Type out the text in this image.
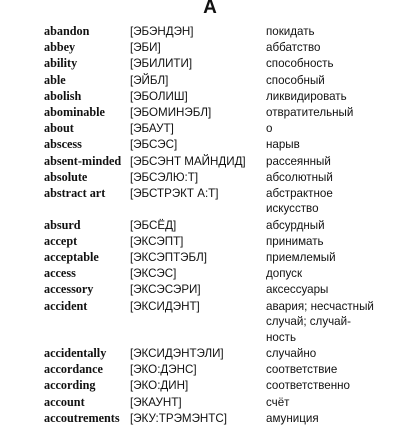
A
abandon	[ЭБЭНДЭН]	покидать
abbey	[ЭБИ]	аббатство
ability	[ЭБИЛИТИ]	способность
able	[ЭЙБЛ]	способный
abolish	[ЭБОЛИШ]	ликвидировать
abominable	[ЭБОМИНЭБЛ]	отвратительный
about	[ЭБАУТ]	о
abscess	[ЭБСЭС]	нарыв
absent-minded [ЭБСЭНТ МАЙНДИД]	рассеянный
absolute	[ЭБСЭЛЮ:Т]	абсолютный
abstract art	[ЭБСТРЭКТ А:Т]	абстрактное
искусство
absurd	[ЭБСЁД]	абсурдный
accept	[ЭКСЭПТ]	принимать
acceptable	[ЭКСЭПТЭБЛ]	приемлемый
access	[ЭКСЭС]	допуск
accessory	[ЭКСЭСЭРИ]	аксессуары
accident	[ЭКСИДЭНТ]	авария; несчастный
случай; случай-
ность
accidentally	[ЭКСИДЭНТЭЛИ]	случайно
accordance	[ЭКО:ДЭНС]	соответствие
according	[ЭКО:ДИН]	соответственно
account	[ЭКАУНТ]	счёт
accoutrements [ЭКУ:ТРЭМЭНТС]	амуниция
